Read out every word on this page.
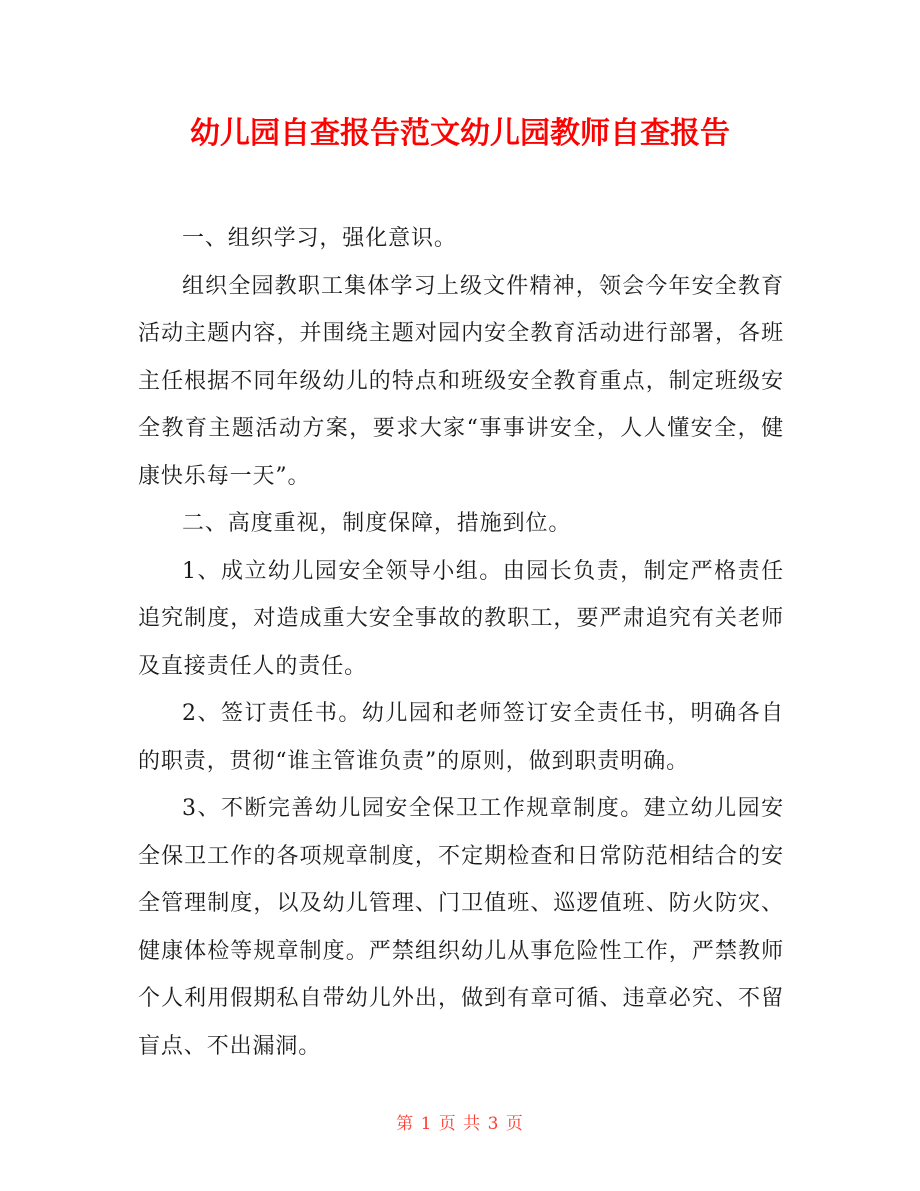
幼儿园自查报告范文幼儿园教师自查报告

一、组织学习，强化意识。

组织全园教职工集体学习上级文件精神，领会今年安全教育活动主题内容，并围绕主题对园内安全教育活动进行部署，各班主任根据不同年级幼儿的特点和班级安全教育重点，制定班级安全教育主题活动方案，要求大家“事事讲安全，人人懂安全，健康快乐每一天”。

二、高度重视，制度保障，措施到位。

1、成立幼儿园安全领导小组。由园长负责，制定严格责任追究制度，对造成重大安全事故的教职工，要严肃追究有关老师及直接责任人的责任。

2、签订责任书。幼儿园和老师签订安全责任书，明确各自的职责，贯彻“谁主管谁负责”的原则，做到职责明确。

3、不断完善幼儿园安全保卫工作规章制度。建立幼儿园安全保卫工作的各项规章制度，不定期检查和日常防范相结合的安全管理制度，以及幼儿管理、门卫值班、巡逻值班、防火防灾、健康体检等规章制度。严禁组织幼儿从事危险性工作，严禁教师个人利用假期私自带幼儿外出，做到有章可循、违章必究、不留盲点、不出漏洞。

第 1 页 共 3 页
